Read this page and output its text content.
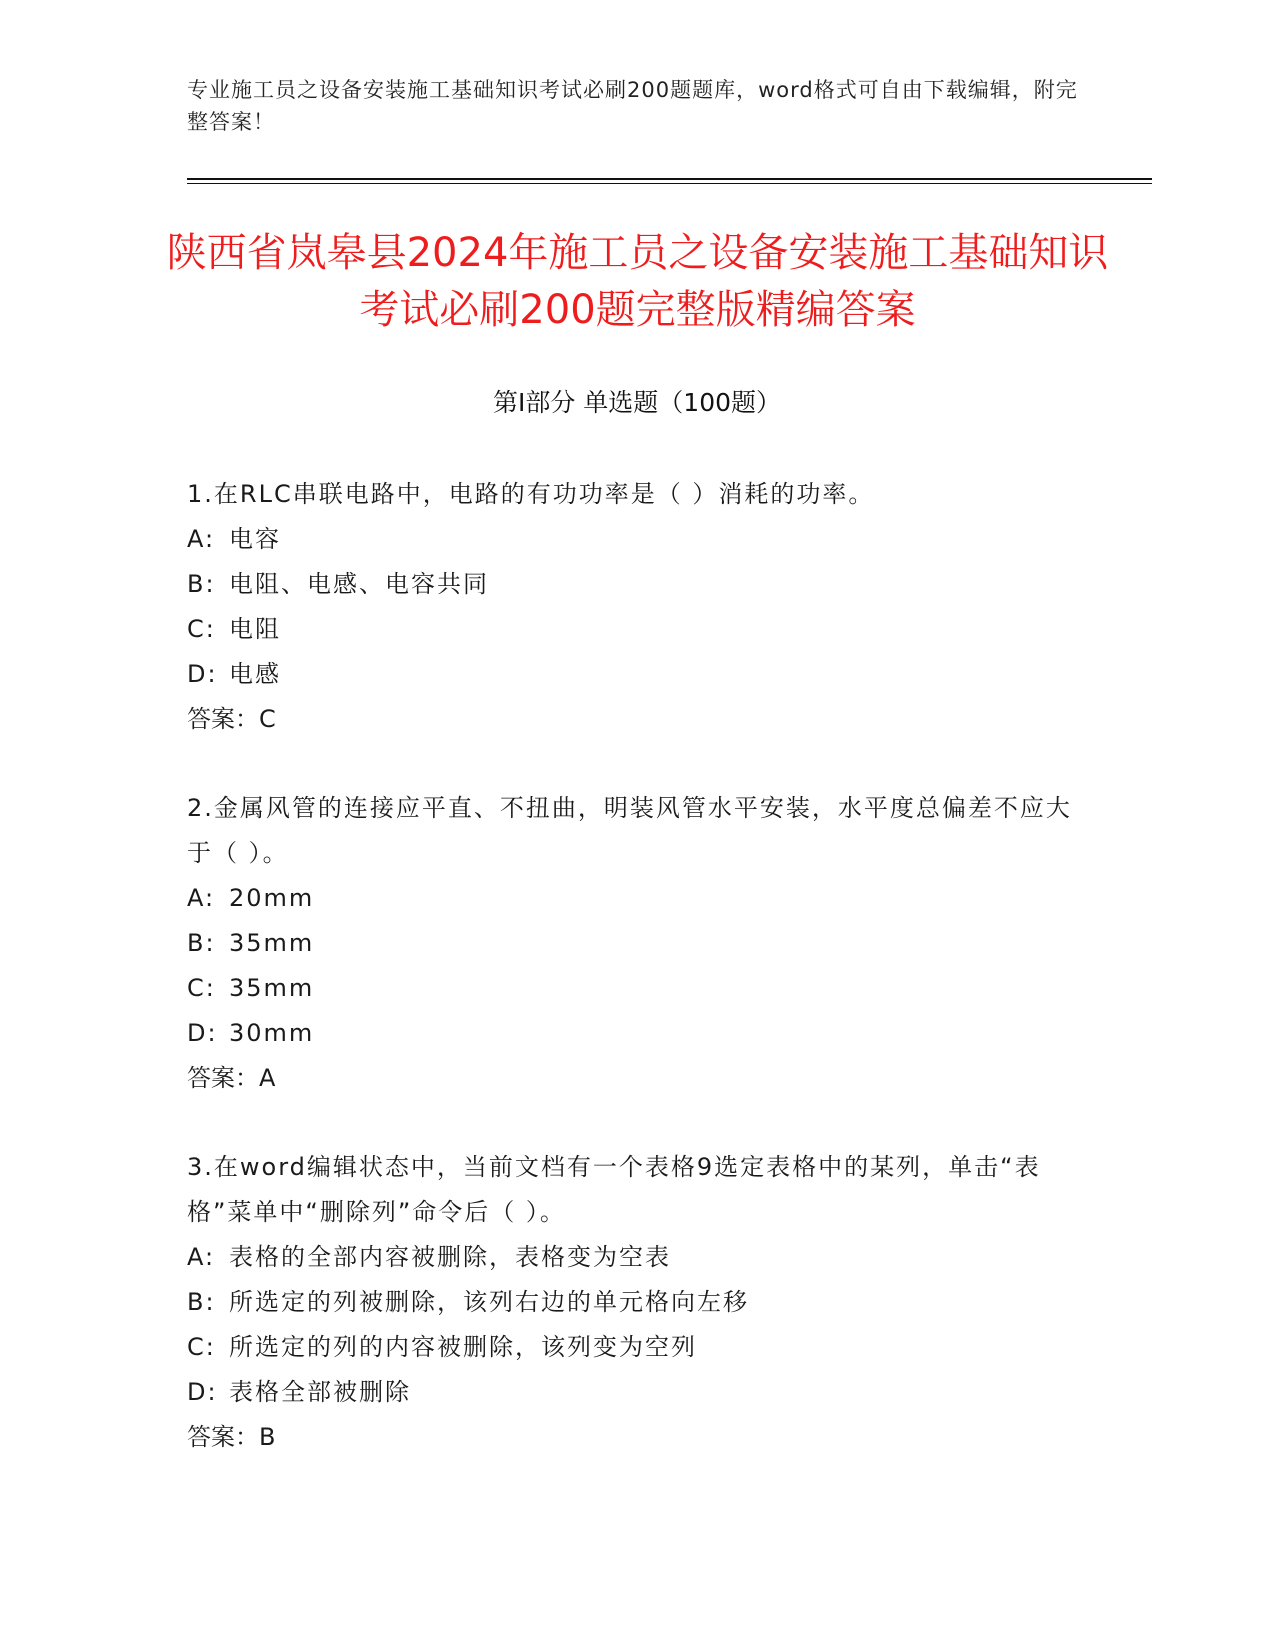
专业施工员之设备安装施工基础知识考试必刷200题题库，word格式可自由下载编辑，附完整答案！
陕西省岚皋县2024年施工员之设备安装施工基础知识考试必刷200题完整版精编答案
第Ⅰ部分 单选题（100题）
1.在RLC串联电路中，电路的有功功率是（ ）消耗的功率。
A: 电容
B: 电阻、电感、电容共同
C: 电阻
D: 电感
答案：C
2.金属风管的连接应平直、不扭曲，明装风管水平安装，水平度总偏差不应大于（ ）。
A: 20mm
B: 35mm
C: 35mm
D: 30mm
答案：A
3.在word编辑状态中，当前文档有一个表格9选定表格中的某列，单击“表格”菜单中“删除列”命令后（ ）。
A: 表格的全部内容被删除，表格变为空表
B: 所选定的列被删除，该列右边的单元格向左移
C: 所选定的列的内容被删除，该列变为空列
D: 表格全部被删除
答案：B
